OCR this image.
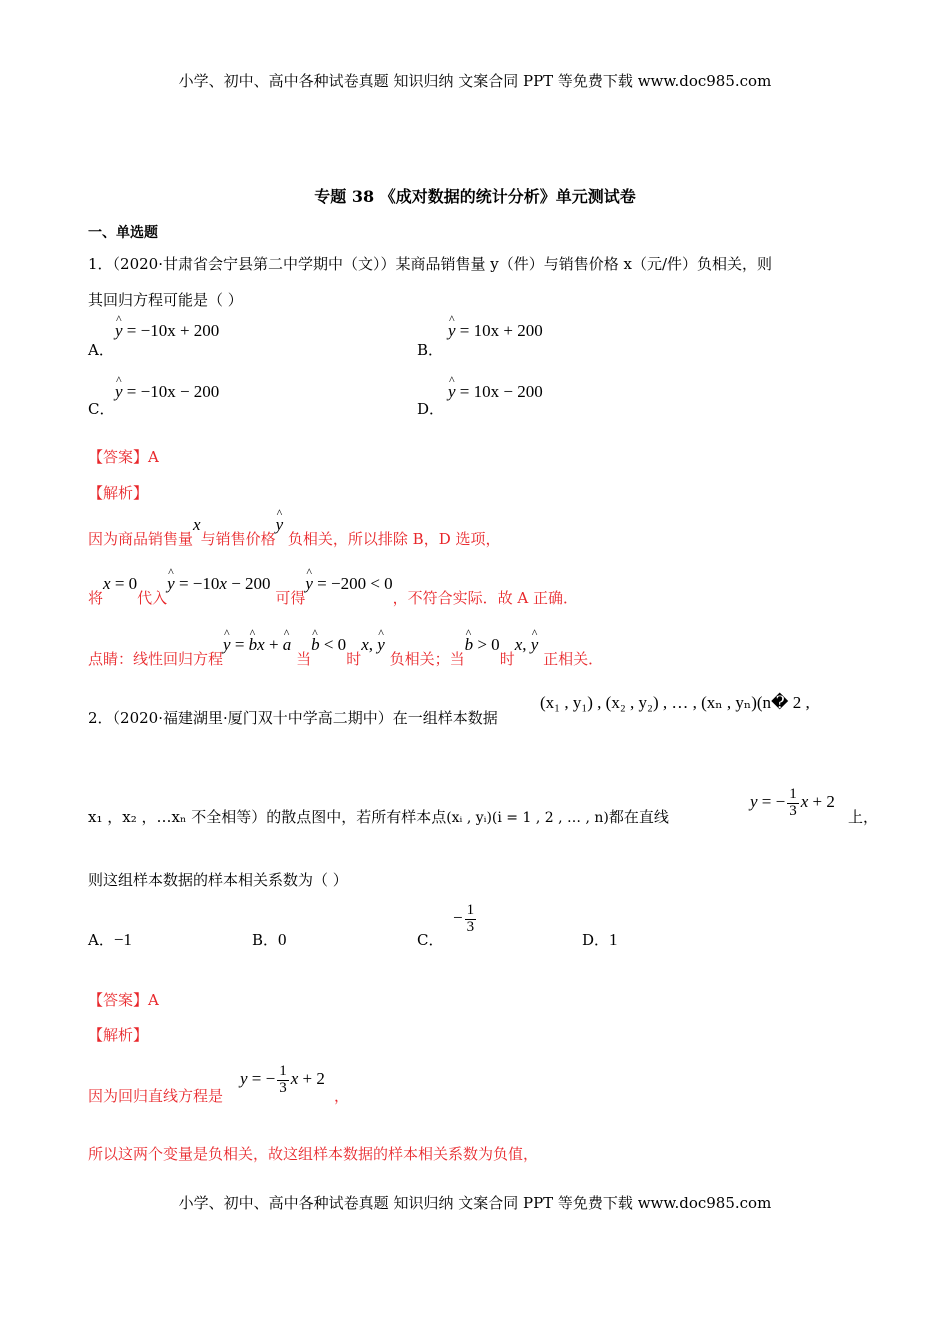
小学、初中、高中各种试卷真题 知识归纳 文案合同 PPT 等免费下载 www.doc985.com
专题 38 《成对数据的统计分析》单元测试卷
一、单选题
1．（2020·甘肃省会宁县第二中学期中（文））某商品销售量 y（件）与销售价格 x（元/件）负相关，则
其回归方程可能是（ ）
A．
^ y = −10x + 200
B．
^ y = 10x + 200
C．
^ y = −10x − 200
D．
^ y = 10x − 200
【答案】A
【解析】
因为商品销售量x与销售价格^ y 负相关，所以排除 B，D 选项，
将x = 0代入^ y = −10x − 200 可得^ y = −200 < 0，不符合实际．故 A 正确．
点睛：线性回归方程^ y = ^ bx + ^ a 当^ b < 0时x, ^ y 负相关；当^ b > 0时x, ^ y 正相关．
2．（2020·福建湖里·厦门双十中学高二期中）在一组样本数据
(x₁ , y₁) , (x₂ , y₂) , … , (xₙ , yₙ)(n� 2 ,
x₁ ，x₂ ，…xₙ 不全相等）的散点图中，若所有样本点(xᵢ , yᵢ)(i = 1 , 2 , … , n)都在直线
y = − $\frac{1}{3}$ x + 2
上，
则这组样本数据的样本相关系数为（ ）
A．−1	B．0	C．
− $\frac{1}{3}$
D．1
【答案】A
【解析】
因为回归直线方程是
y = − $\frac{1}{3}$ x + 2
，
所以这两个变量是负相关，故这组样本数据的样本相关系数为负值，
小学、初中、高中各种试卷真题 知识归纳 文案合同 PPT 等免费下载 www.doc985.com
